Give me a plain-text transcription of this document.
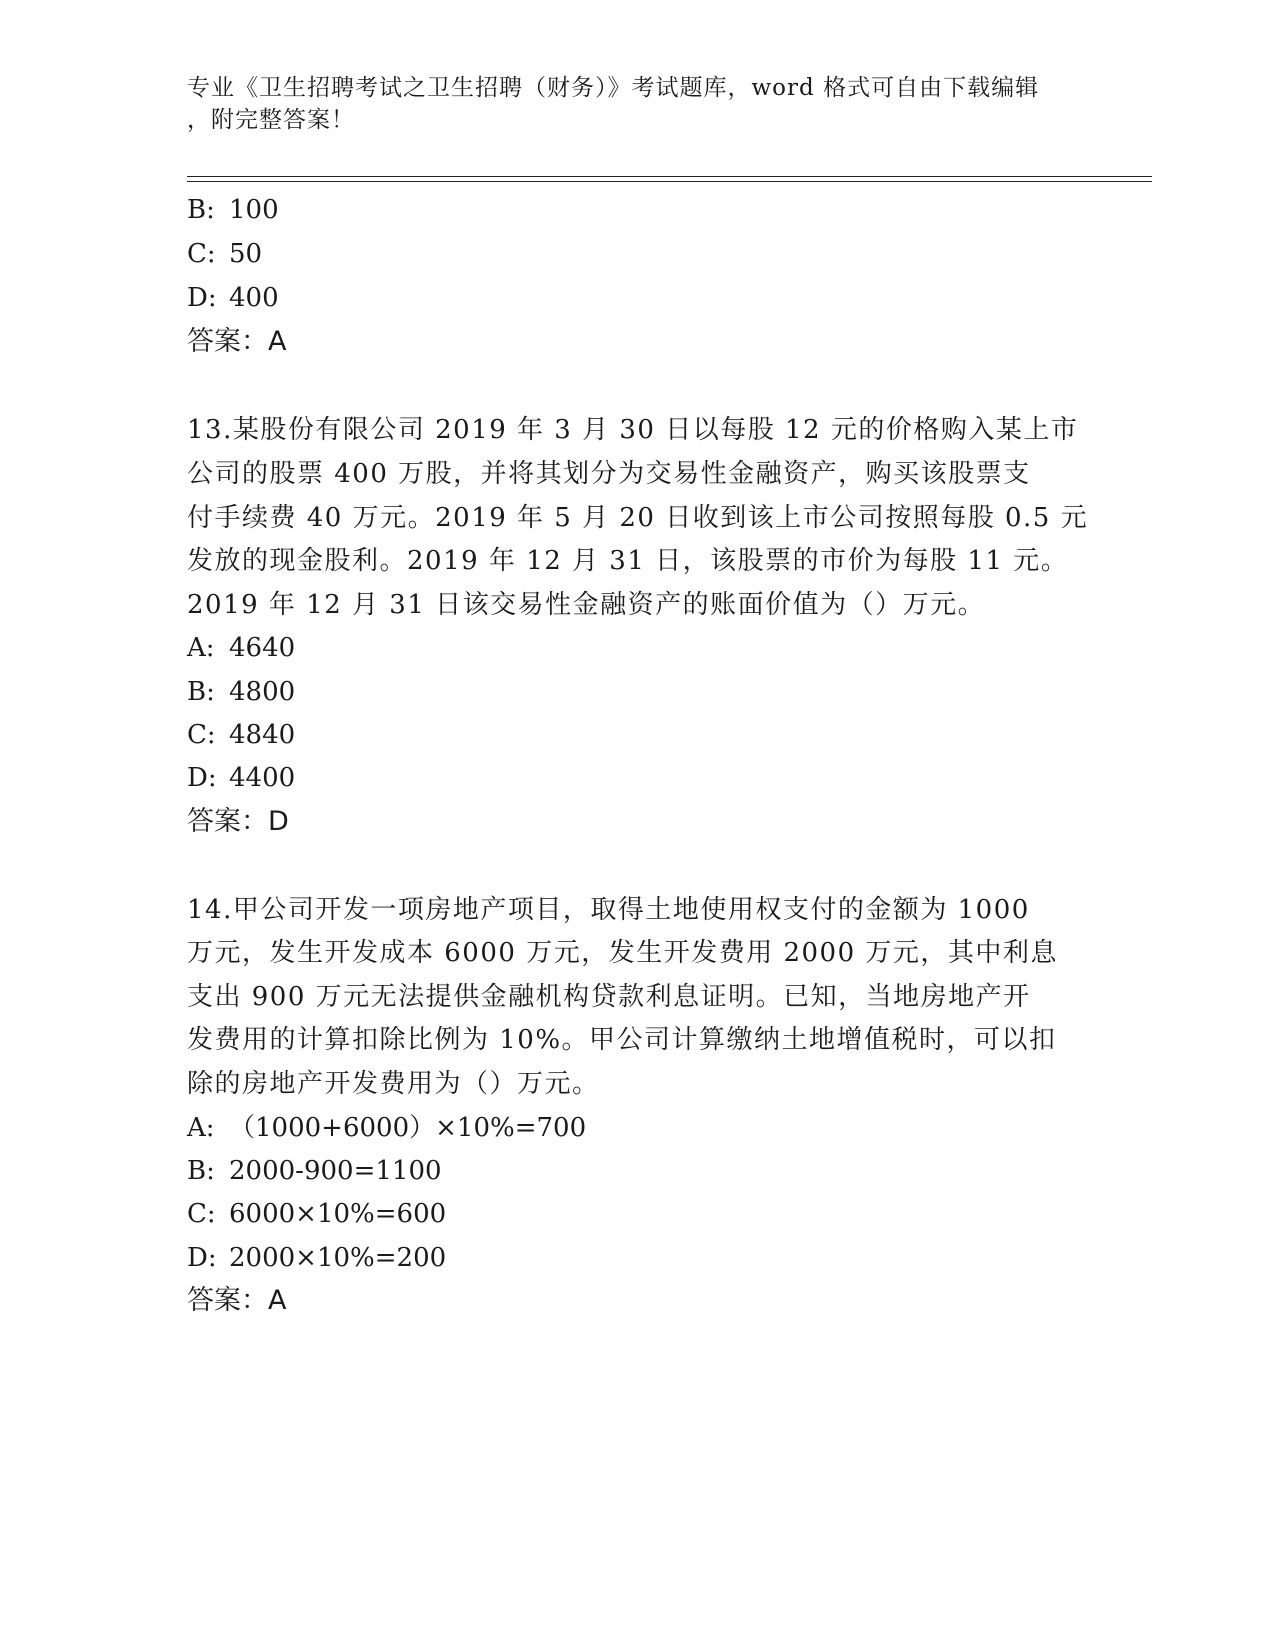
专业《卫生招聘考试之卫生招聘（财务）》考试题库，word 格式可自由下载编辑
，附完整答案！
B: 100
C: 50
D: 400
答案：A
13.某股份有限公司 2019 年 3 月 30 日以每股 12 元的价格购入某上市
公司的股票 400 万股，并将其划分为交易性金融资产，购买该股票支
付手续费 40 万元。2019 年 5 月 20 日收到该上市公司按照每股 0.5 元
发放的现金股利。2019 年 12 月 31 日，该股票的市价为每股 11 元。
2019 年 12 月 31 日该交易性金融资产的账面价值为（）万元。
A: 4640
B: 4800
C: 4840
D: 4400
答案：D
14.甲公司开发一项房地产项目，取得土地使用权支付的金额为 1000
万元，发生开发成本 6000 万元，发生开发费用 2000 万元，其中利息
支出 900 万元无法提供金融机构贷款利息证明。已知，当地房地产开
发费用的计算扣除比例为 10%。甲公司计算缴纳土地增值税时，可以扣
除的房地产开发费用为（）万元。
A: （1000+6000）×10%=700
B: 2000-900=1100
C: 6000×10%=600
D: 2000×10%=200
答案：A
